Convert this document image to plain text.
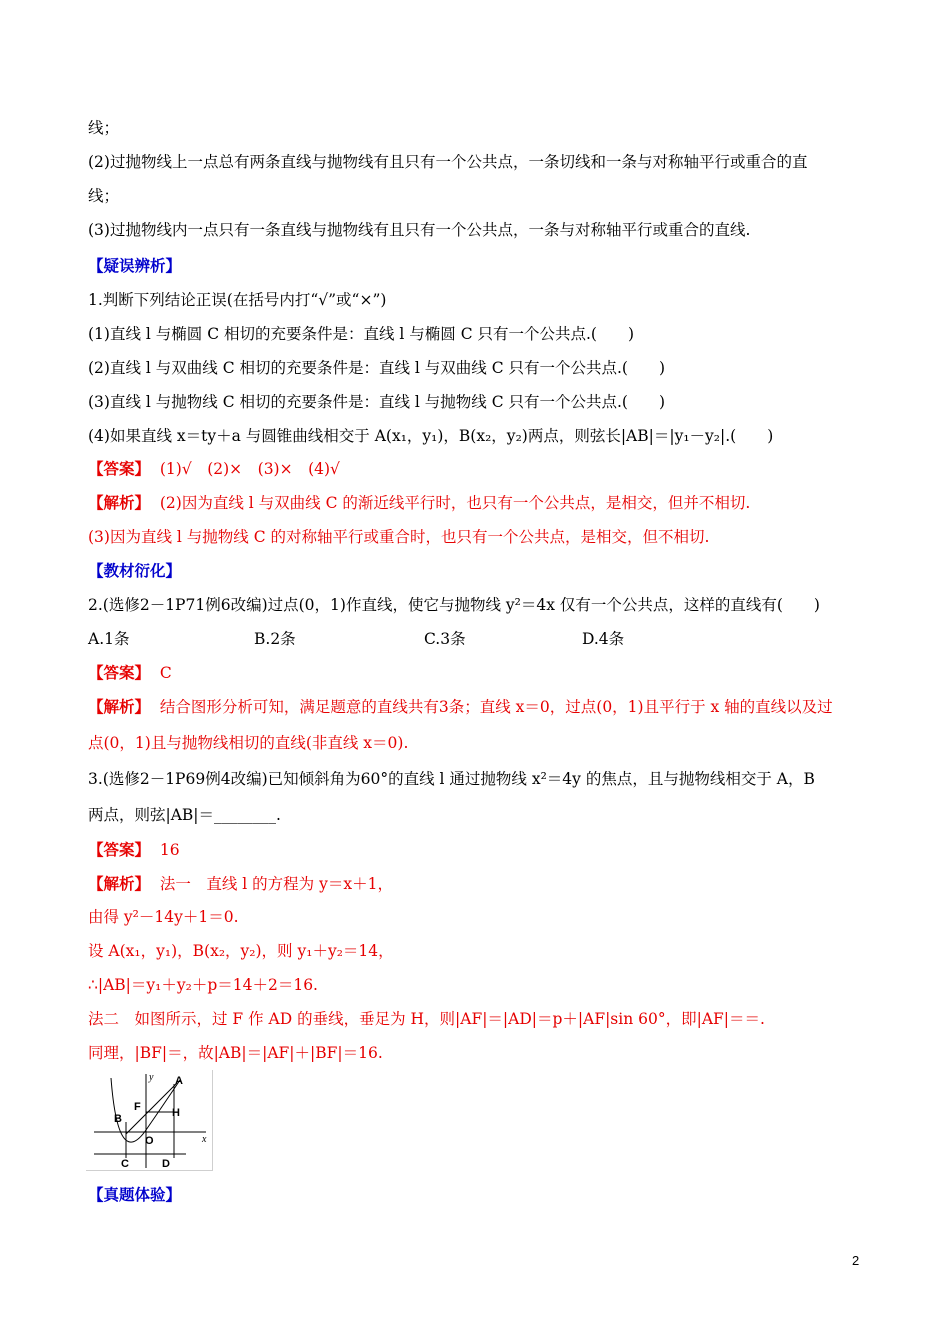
线；
(2)过抛物线上一点总有两条直线与抛物线有且只有一个公共点，一条切线和一条与对称轴平行或重合的直
线；
(3)过抛物线内一点只有一条直线与抛物线有且只有一个公共点，一条与对称轴平行或重合的直线.
【疑误辨析】
1.判断下列结论正误(在括号内打“√”或“×”)
(1)直线 l 与椭圆 C 相切的充要条件是：直线 l 与椭圆 C 只有一个公共点.(　　)
(2)直线 l 与双曲线 C 相切的充要条件是：直线 l 与双曲线 C 只有一个公共点.(　　)
(3)直线 l 与抛物线 C 相切的充要条件是：直线 l 与抛物线 C 只有一个公共点.(　　)
(4)如果直线 x＝ty＋a 与圆锥曲线相交于 A(x₁，y₁)，B(x₂，y₂)两点，则弦长|AB|＝|y₁－y₂|.(　　)
【答案】 (1)√　(2)×　(3)×　(4)√
【解析】 (2)因为直线 l 与双曲线 C 的渐近线平行时，也只有一个公共点，是相交，但并不相切.
(3)因为直线 l 与抛物线 C 的对称轴平行或重合时，也只有一个公共点，是相交，但不相切.
【教材衍化】
2.(选修2－1P71例6改编)过点(0，1)作直线，使它与抛物线 y²＝4x 仅有一个公共点，这样的直线有(　　)
A.1条	B.2条	C.3条	D.4条
【答案】 C
【解析】 结合图形分析可知，满足题意的直线共有3条；直线 x＝0，过点(0，1)且平行于 x 轴的直线以及过
点(0，1)且与抛物线相切的直线(非直线 x＝0).
3.(选修2－1P69例4改编)已知倾斜角为60°的直线 l 通过抛物线 x²＝4y 的焦点，且与抛物线相交于 A，B
两点，则弦|AB|＝________.
【答案】 16
【解析】 法一　直线 l 的方程为 y＝x＋1，
由得 y²－14y＋1＝0.
设 A(x₁，y₁)，B(x₂，y₂)，则 y₁＋y₂＝14，
∴|AB|＝y₁＋y₂＋p＝14＋2＝16.
法二　如图所示，过 F 作 AD 的垂线，垂足为 H，则|AF|＝|AD|＝p＋|AF|sin 60°，即|AF|＝＝.
同理，|BF|＝，故|AB|＝|AF|＋|BF|＝16.
y A
F	H
B
O	x
C	D
【真题体验】
2
